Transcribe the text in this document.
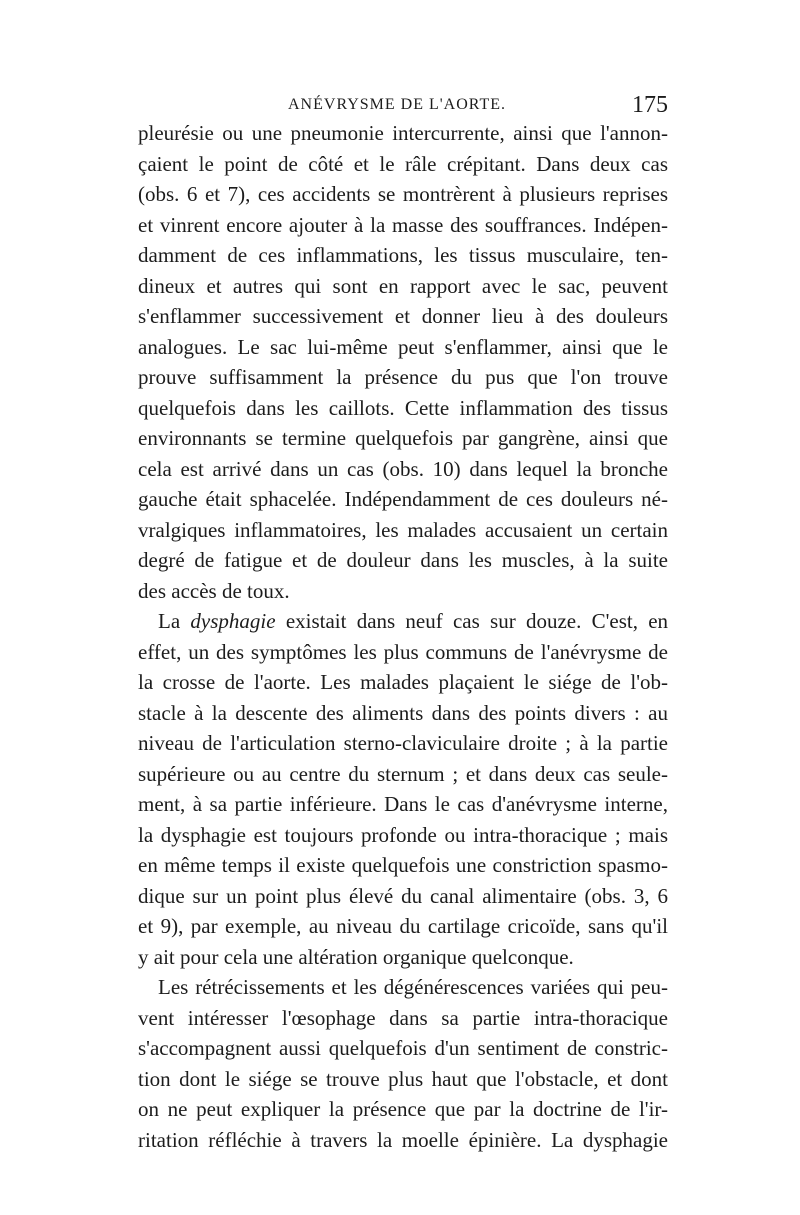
ANÉVRYSME DE L'AORTE.	175
pleurésie ou une pneumonie intercurrente, ainsi que l'annon-
çaient le point de côté et le râle crépitant. Dans deux cas
(obs. 6 et 7), ces accidents se montrèrent à plusieurs reprises
et vinrent encore ajouter à la masse des souffrances. Indépen-
damment de ces inflammations, les tissus musculaire, ten-
dineux et autres qui sont en rapport avec le sac, peuvent
s'enflammer successivement et donner lieu à des douleurs
analogues. Le sac lui-même peut s'enflammer, ainsi que le
prouve suffisamment la présence du pus que l'on trouve
quelquefois dans les caillots. Cette inflammation des tissus
environnants se termine quelquefois par gangrène, ainsi que
cela est arrivé dans un cas (obs. 10) dans lequel la bronche
gauche était sphacelée. Indépendamment de ces douleurs né-
vralgiques inflammatoires, les malades accusaient un certain
degré de fatigue et de douleur dans les muscles, à la suite
des accès de toux.
La dysphagie existait dans neuf cas sur douze. C'est, en
effet, un des symptômes les plus communs de l'anévrysme de
la crosse de l'aorte. Les malades plaçaient le siége de l'ob-
stacle à la descente des aliments dans des points divers : au
niveau de l'articulation sterno-claviculaire droite ; à la partie
supérieure ou au centre du sternum ; et dans deux cas seule-
ment, à sa partie inférieure. Dans le cas d'anévrysme interne,
la dysphagie est toujours profonde ou intra-thoracique ; mais
en même temps il existe quelquefois une constriction spasmo-
dique sur un point plus élevé du canal alimentaire (obs. 3, 6
et 9), par exemple, au niveau du cartilage cricoïde, sans qu'il
y ait pour cela une altération organique quelconque.
Les rétrécissements et les dégénérescences variées qui peu-
vent intéresser l'œsophage dans sa partie intra-thoracique
s'accompagnent aussi quelquefois d'un sentiment de constric-
tion dont le siége se trouve plus haut que l'obstacle, et dont
on ne peut expliquer la présence que par la doctrine de l'ir-
ritation réfléchie à travers la moelle épinière. La dysphagie
